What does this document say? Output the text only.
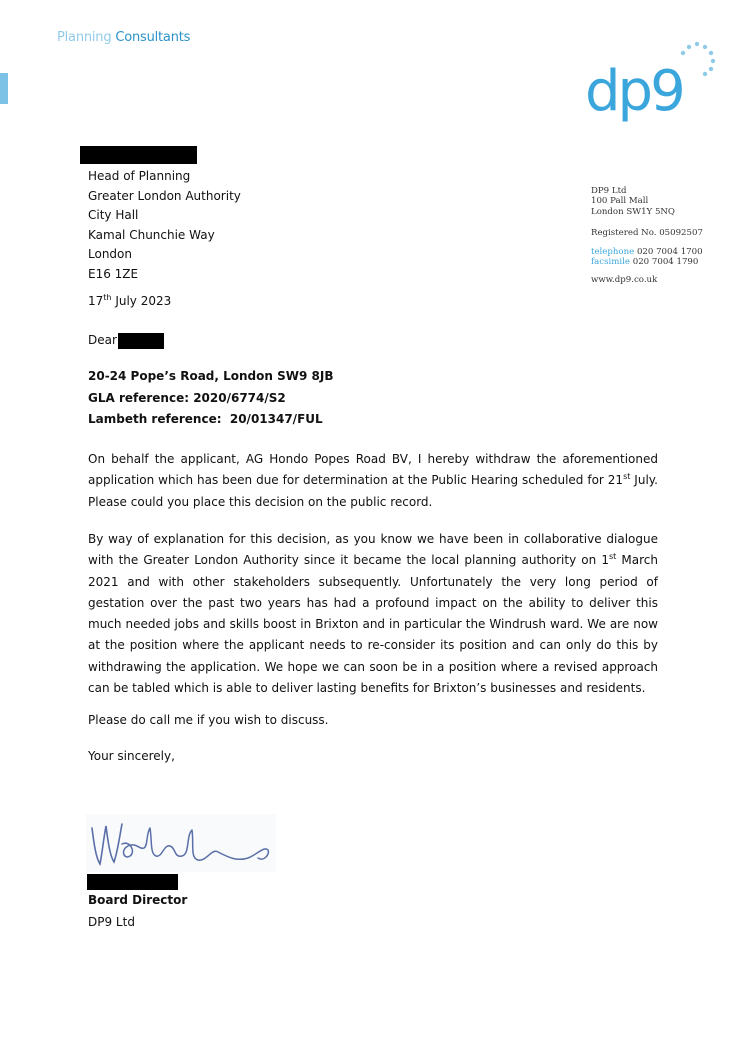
Planning Consultants
dp9
Head of Planning
Greater London Authority
City Hall
Kamal Chunchie Way
London
E16 1ZE
DP9 Ltd
100 Pall Mall
London SW1Y 5NQ
Registered No. 05092507
telephone 020 7004 1700
facsimile 020 7004 1790
www.dp9.co.uk
17th July 2023
Dear
20-24 Pope’s Road, London SW9 8JB
GLA reference: 2020/6774/S2
Lambeth reference:  20/01347/FUL
On behalf the applicant, AG Hondo Popes Road BV, I hereby withdraw the aforementioned application which has been due for determination at the Public Hearing scheduled for 21st July. Please could you place this decision on the public record.
By way of explanation for this decision, as you know we have been in collaborative dialogue with the Greater London Authority since it became the local planning authority on 1st March 2021 and with other stakeholders subsequently. Unfortunately the very long period of gestation over the past two years has had a profound impact on the ability to deliver this much needed jobs and skills boost in Brixton and in particular the Windrush ward. We are now at the position where the applicant needs to re-consider its position and can only do this by withdrawing the application. We hope we can soon be in a position where a revised approach can be tabled which is able to deliver lasting benefits for Brixton’s businesses and residents.
Please do call me if you wish to discuss.
Your sincerely,
Board Director
DP9 Ltd
